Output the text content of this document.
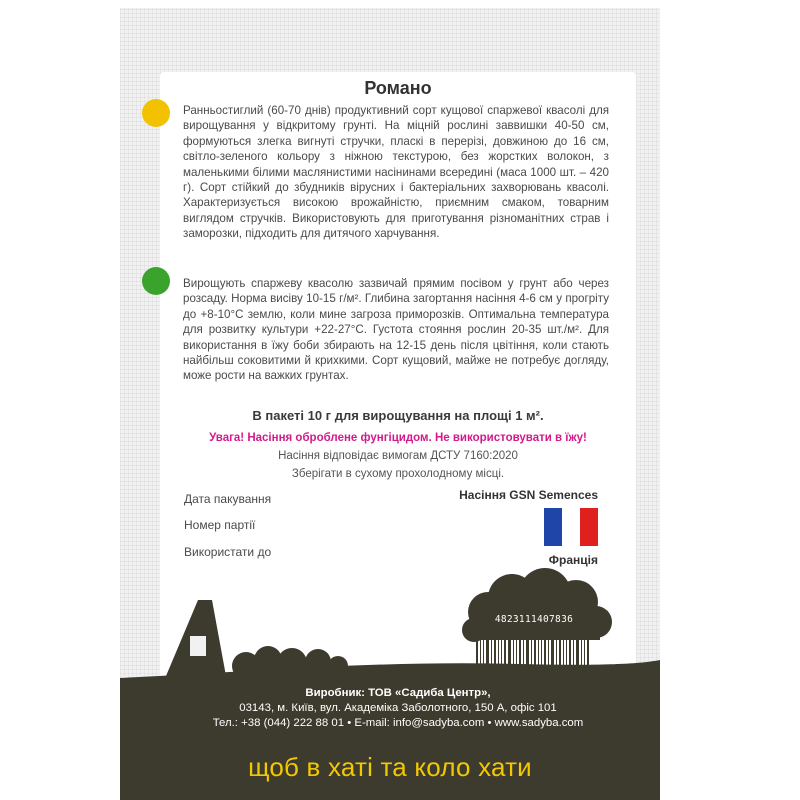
Романо

Ранньостиглий (60-70 днів) продуктивний сорт кущової спаржевої квасолі для вирощування у відкритому грунті. На міцній рослині заввишки 40-50 см, формуються злегка вигнуті стручки, пласкі в перерізі, довжиною до 16 см, світло-зеленого кольору з ніжною текстурою, без жорстких волокон, з маленькими білими маслянистими насінинами всередині (маса 1000 шт. – 420 г). Сорт стійкий до збудників вірусних і бактеріальних захворювань квасолі. Характеризується високою врожайністю, приємним смаком, товарним виглядом стручків. Використовують для приготування різноманітних страв і заморозки, підходить для дитячого харчування.

Вирощують спаржеву квасолю зазвичай прямим посівом у грунт або через розсаду. Норма висіву 10-15 г/м². Глибина загортання насіння 4-6 см у прогріту до +8-10°C землю, коли мине загроза приморозків. Оптимальна температура для розвитку культури +22-27°C. Густота стояння рослин 20-35 шт./м². Для використання в їжу боби збирають на 12-15 день після цвітіння, коли стають найбільш соковитими й крихкими. Сорт кущовий, майже не потребує догляду, може рости на важких грунтах.

В пакеті 10 г для вирощування на площі 1 м².

Увага! Насіння оброблене фунгіцидом. Не використовувати в їжу!

Насіння відповідає вимогам ДСТУ 7160:2020

Зберігати в сухому прохолодному місці.

Дата пакування

Номер партії

Використати до

Насіння GSN Semences
Франція
4823111407836

Виробник: ТОВ «Садиба Центр»,

03143, м. Київ, вул. Академіка Заболотного, 150 А, офіс 101

Тел.: +38 (044) 222 88 01 • E-mail: info@sadyba.com • www.sadyba.com

щоб в хаті та коло хати
